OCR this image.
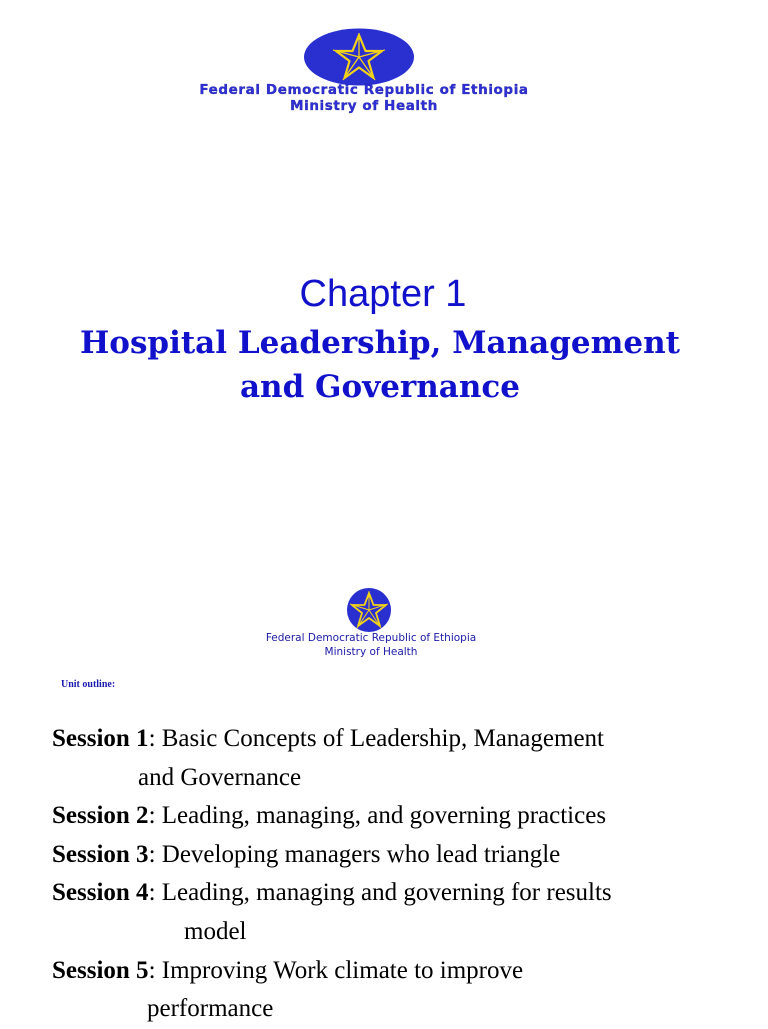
Federal Democratic Republic of Ethiopia
Ministry of Health
Chapter 1
Hospital Leadership, Management
and Governance
Federal Democratic Republic of Ethiopia
Ministry of Health
Unit outline:
Session 1: Basic Concepts of Leadership, Management
and Governance
Session 2: Leading, managing, and governing practices
Session 3: Developing managers who lead triangle
Session 4: Leading, managing and governing for results
model
Session 5: Improving Work climate to improve
performance
